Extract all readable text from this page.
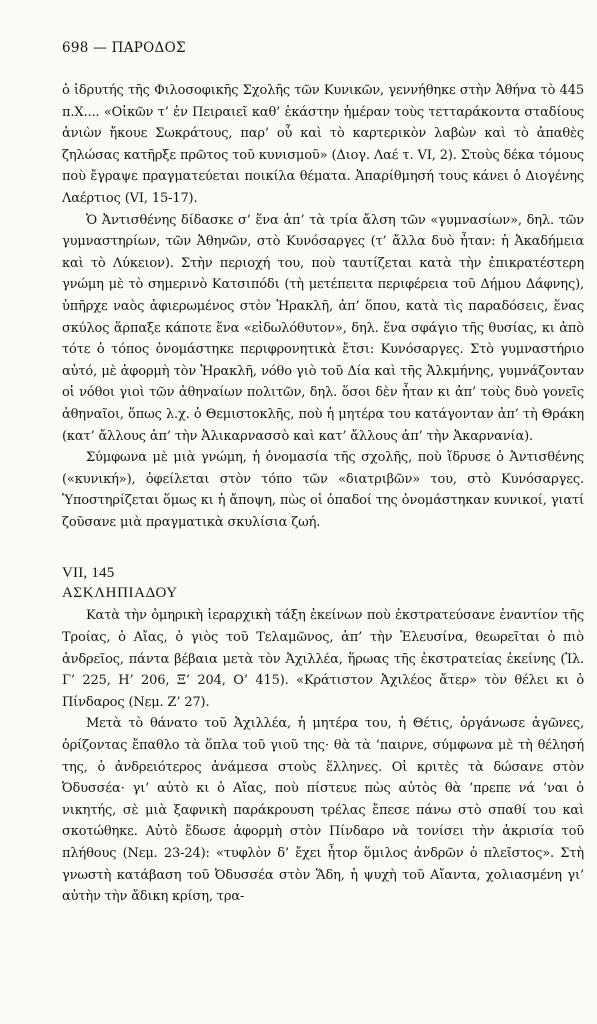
698 — ΠΑΡΟΔΟΣ

ὁ ἱδρυτής τῆς Φιλοσοφικῆς Σχολῆς τῶν Κυνικῶν, γεννήθηκε στὴν Ἀθήνα τὸ 445 π.Χ.... «Οἰκῶν τ’ ἐν Πειραιεῖ καθ’ ἑκάστην ἡμέραν τοὺς τετταράκοντα σταδίους ἀνιὼν ἤκουε Σωκράτους, παρ’ οὗ καὶ τὸ καρτερικὸν λαβὼν καὶ τὸ ἀπαθὲς ζηλώσας κατῆρξε πρῶτος τοῦ κυνισμοῦ» (Διογ. Λαέ τ. VI, 2). Στοὺς δέκα τόμους ποὺ ἔγραψε πραγματεύεται ποικίλα θέματα. Ἀπαρίθμησή τους κάνει ὁ Διογένης Λαέρτιος (VI, 15-17).

Ὁ Ἀντισθένης δίδασκε σ’ ἕνα ἀπ’ τὰ τρία ἄλση τῶν «γυμνασίων», δηλ. τῶν γυμναστηρίων, τῶν Ἀθηνῶν, στὸ Κυνόσαργες (τ’ ἄλλα δυὸ ἦταν: ἡ Ἀκαδήμεια καὶ τὸ Λύκειον). Στὴν περιοχή του, ποὺ ταυτίζεται κατὰ τὴν ἐπικρατέστερη γνώμη μὲ τὸ σημερινὸ Κατσιπόδι (τὴ μετέπειτα περιφέρεια τοῦ Δήμου Δάφνης), ὑπῆρχε ναὸς ἀφιερωμένος στὸν Ἡρακλῆ, ἀπ’ ὅπου, κατὰ τὶς παραδόσεις, ἕνας σκύλος ἅρπαξε κάποτε ἕνα «εἰδωλόθυτον», δηλ. ἕνα σφάγιο τῆς θυσίας, κι ἀπὸ τότε ὁ τόπος ὀνομάστηκε περιφρονητικὰ ἔτσι: Κυνόσαργες. Στὸ γυμναστήριο αὐτό, μὲ ἀφορμὴ τὸν Ἡρακλῆ, νόθο γιὸ τοῦ Δία καὶ τῆς Ἀλκμήνης, γυμνάζονταν οἱ νόθοι γιοὶ τῶν ἀθηναίων πολιτῶν, δηλ. ὅσοι δὲν ἦταν κι ἀπ’ τοὺς δυὸ γονεῖς ἀθηναῖοι, ὅπως λ.χ. ὁ Θεμιστοκλῆς, ποὺ ἡ μητέρα του κατάγονταν ἀπ’ τὴ Θράκη (κατ’ ἄλλους ἀπ’ τὴν Ἀλικαρνασσὸ καὶ κατ’ ἄλλους ἀπ’ τὴν Ἀκαρνανία).

Σύμφωνα μὲ μιὰ γνώμη, ἡ ὀνομασία τῆς σχολῆς, ποὺ ἵδρυσε ὁ Ἀντισθένης («κυνική»), ὀφείλεται στὸν τόπο τῶν «διατριβῶν» του, στὸ Κυνόσαργες. Ὑποστηρίζεται ὅμως κι ἡ ἄποψη, πὼς οἱ ὀπαδοί της ὀνομάστηκαν κυνικοί, γιατί ζοῦσανε μιὰ πραγματικὰ σκυλίσια ζωή.

VII, 145
ΑΣΚΛΗΠΙΑΔΟΥ

Κατὰ τὴν ὁμηρικὴ ἱεραρχικὴ τάξη ἐκείνων ποὺ ἐκστρατεύσανε ἐναντίον τῆς Τροίας, ὁ Αἴας, ὁ γιὸς τοῦ Τελαμῶνος, ἀπ’ τὴν Ἐλευσίνα, θεωρεῖται ὁ πιὸ ἀνδρεῖος, πάντα βέβαια μετὰ τὸν Ἀχιλλέα, ἥρωας τῆς ἐκστρατείας ἐκείνης (Ἰλ. Γ’ 225, Η’ 206, Ξ’ 204, Ο’ 415). «Κράτιστον Ἀχιλέος ἄτερ» τὸν θέλει κι ὁ Πίνδαρος (Νεμ. Ζ’ 27).

Μετὰ τὸ θάνατο τοῦ Ἀχιλλέα, ἡ μητέρα του, ἡ Θέτις, ὀργάνωσε ἀγῶνες, ὁρίζοντας ἔπαθλο τὰ ὅπλα τοῦ γιοῦ της· θὰ τὰ ’παιρνε, σύμφωνα μὲ τὴ θέλησή της, ὁ ἀνδρειότερος ἀνάμεσα στοὺς ἕλληνες. Οἱ κριτὲς τὰ δώσανε στὸν Ὀδυσσέα· γι’ αὐτὸ κι ὁ Αἴας, ποὺ πίστευε πὼς αὐτὸς θὰ ’πρεπε νά ’ναι ὁ νικητής, σὲ μιὰ ξαφνικὴ παράκρουση τρέλας ἔπεσε πάνω στὸ σπαθί του καὶ σκοτώθηκε. Αὐτὸ ἔδωσε ἀφορμὴ στὸν Πίνδαρο νὰ τονίσει τὴν ἀκρισία τοῦ πλήθους (Νεμ. 23-24): «τυφλὸν δ’ ἔχει ἦτορ ὅμιλος ἀνδρῶν ὁ πλεῖστος». Στὴ γνωστὴ κατάβαση τοῦ Ὀδυσσέα στὸν Ἅδη, ἡ ψυχὴ τοῦ Αἴαντα, χολιασμένη γι’ αὐτὴν τὴν ἄδικη κρίση, τρα-
